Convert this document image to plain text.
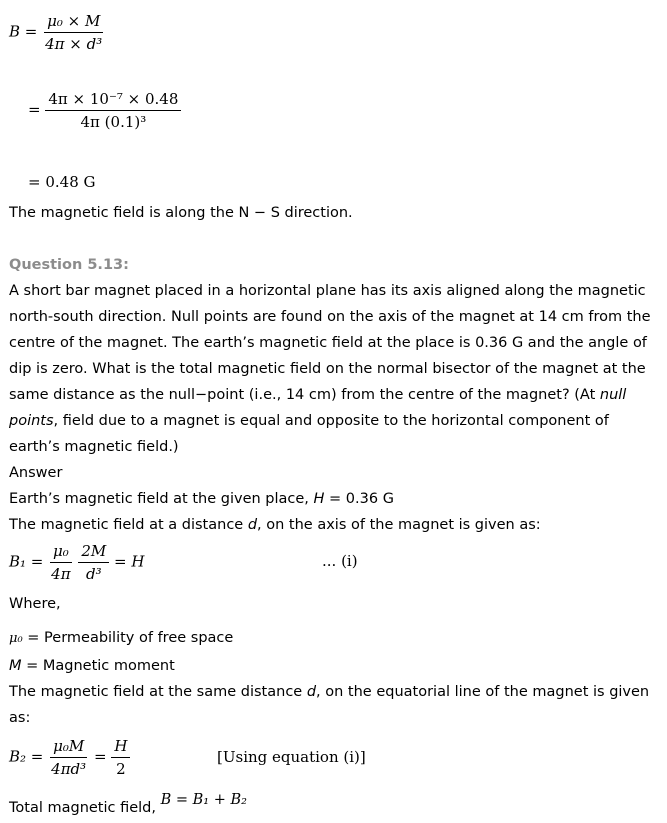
$B = \frac{\text{μ₀ × M}}{\text{4π × d³}}$
= $\frac{\text{4π × 10⁻⁷ × 0.48}}{\text{4π (0.1)³}}$
= 0.48 G
The magnetic field is along the N − S direction.
Question 5.13:
A short bar magnet placed in a horizontal plane has its axis aligned along the magnetic
north-south direction. Null points are found on the axis of the magnet at 14 cm from the
centre of the magnet. The earth’s magnetic field at the place is 0.36 G and the angle of
dip is zero. What is the total magnetic field on the normal bisector of the magnet at the
same distance as the null−point (i.e., 14 cm) from the centre of the magnet? (At null
points, field due to a magnet is equal and opposite to the horizontal component of
earth’s magnetic field.)
Answer
Earth’s magnetic field at the given place, H = 0.36 G
The magnetic field at a distance d, on the axis of the magnet is given as:
$B_1 = \frac{\text{μ₀}}{4\pi}$
$\frac{2M}{\text{d³}} = H$	... (i)
Where,
μ₀ = Permeability of free space
M = Magnetic moment
The magnetic field at the same distance d, on the equatorial line of the magnet is given
as:
$B_2 = \frac{\text{μ₀M}}{\text{4πd³}} = \frac{H}{2}$	[Using equation (i)]
Total magnetic field, B = B₁ + B₂
